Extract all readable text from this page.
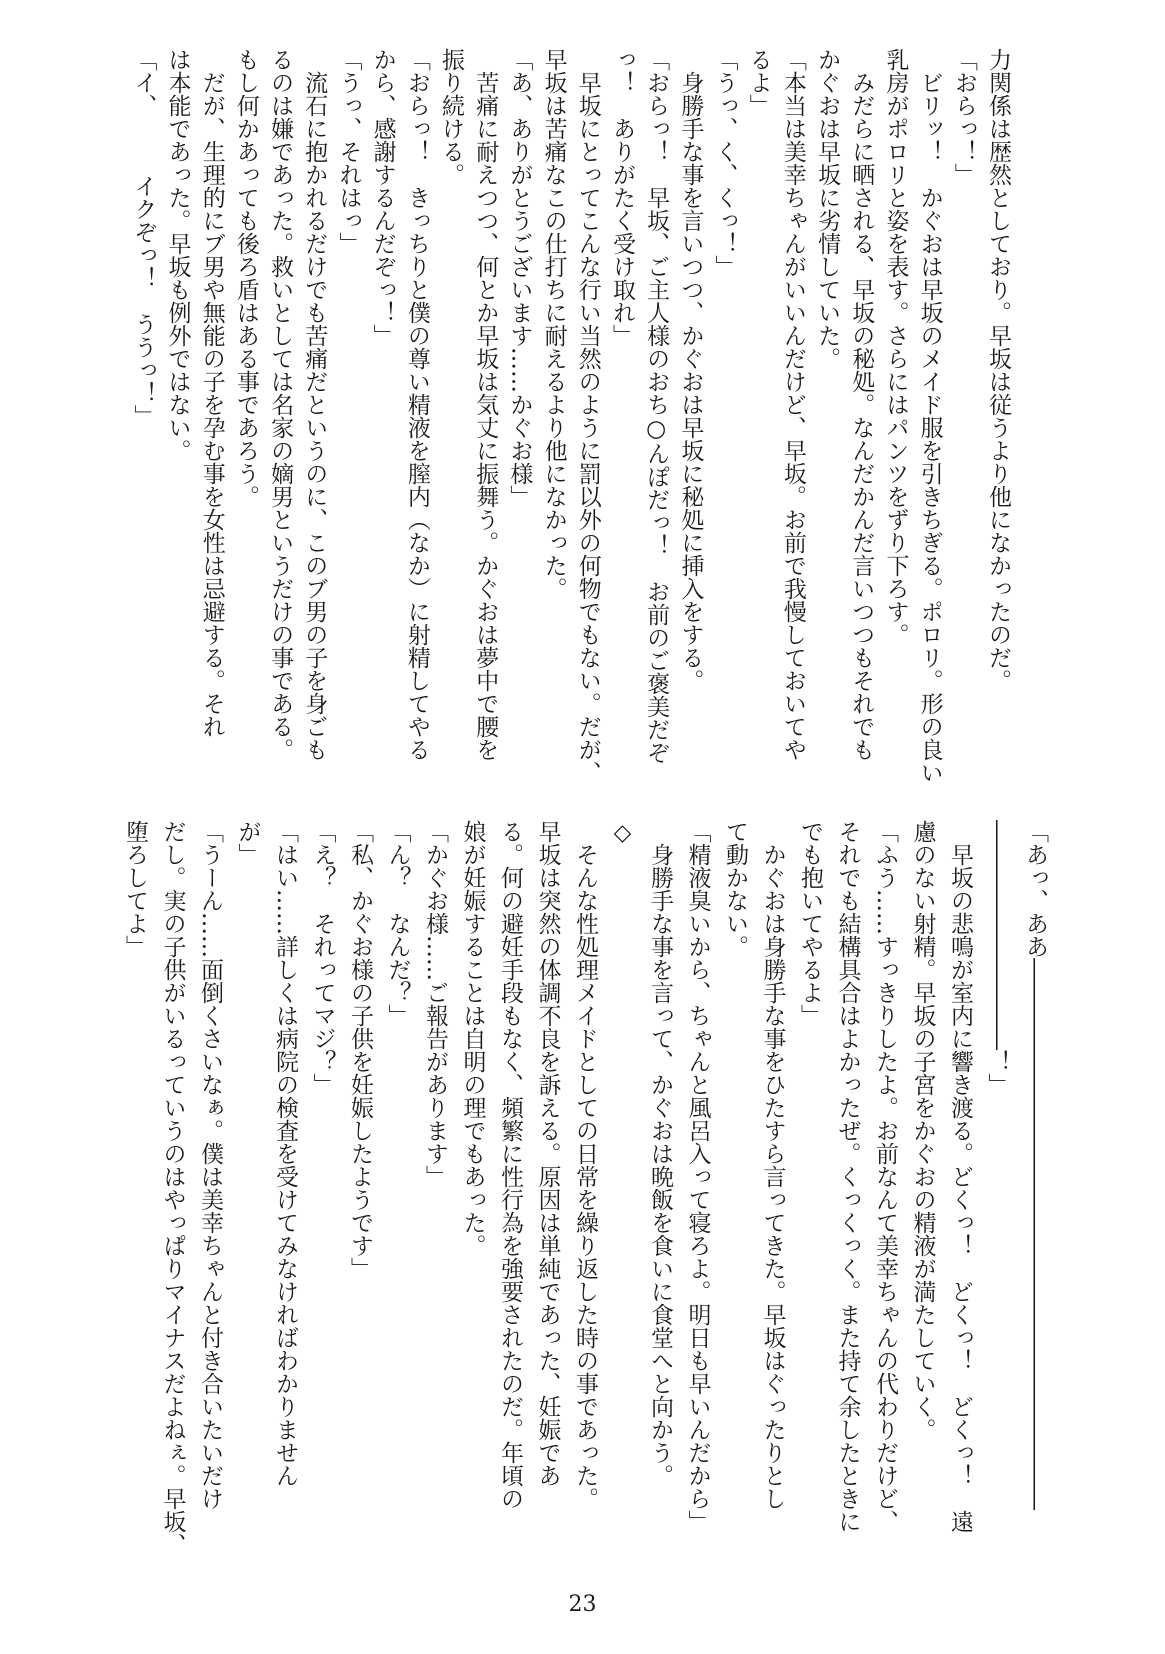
力関係は歴然としており。早坂は従うより他になかったのだ。
「おらっ！」
　ビリッ！　かぐおは早坂のメイド服を引きちぎる。ポロリ。形の良い
乳房がポロリと姿を表す。さらにはパンツをずり下ろす。
　みだらに晒される、早坂の秘処。なんだかんだ言いつつもそれでも
かぐおは早坂に劣情していた。
「本当は美幸ちゃんがいいんだけど、早坂。お前で我慢しておいてや
るよ」
「うっ、く、くっ！」
　身勝手な事を言いつつ、かぐおは早坂に秘処に挿入をする。
「おらっ！　早坂、ご主人様のおち○んぽだっ！　お前のご褒美だぞ
っ！　ありがたく受け取れ」
　早坂にとってこんな行い当然のように罰以外の何物でもない。だが、
早坂は苦痛なこの仕打ちに耐えるより他になかった。
「あ、ありがとうございます……かぐお様」
　苦痛に耐えつつ、何とか早坂は気丈に振舞う。かぐおは夢中で腰を
振り続ける。
「おらっ！　きっちりと僕の尊い精液を膣内（なか）に射精してやる
から、感謝するんだぞっ！」
「うっ、それはっ」
　流石に抱かれるだけでも苦痛だというのに、このブ男の子を身ごも
るのは嫌であった。救いとしては名家の嫡男というだけの事である。
もし何かあっても後ろ盾はある事であろう。
　だが、生理的にブ男や無能の子を孕む事を女性は忌避する。それ
は本能であった。早坂も例外ではない。
「イ、　　　イクぞっ！　ううっ！」
「あっ、ああ――――――――――――――――――――――――
――――――――――！」
　早坂の悲鳴が室内に響き渡る。どくっ！　どくっ！　どくっ！　遠
慮のない射精。早坂の子宮をかぐおの精液が満たしていく。
「ふう……すっきりしたよ。お前なんて美幸ちゃんの代わりだけど、
それでも結構具合はよかったぜ。くっくっく。また持て余したときに
でも抱いてやるよ」
　かぐおは身勝手な事をひたすら言ってきた。早坂はぐったりとし
て動かない。
「精液臭いから、ちゃんと風呂入って寝ろよ。明日も早いんだから」
　身勝手な事を言って、かぐおは晩飯を食いに食堂へと向かう。
◇
　そんな性処理メイドとしての日常を繰り返した時の事であった。
早坂は突然の体調不良を訴える。原因は単純であった、妊娠であ
る。何の避妊手段もなく、頻繁に性行為を強要されたのだ。年頃の
娘が妊娠することは自明の理でもあった。
「かぐお様……ご報告があります」
「ん？　なんだ？」
「私、かぐお様の子供を妊娠したようです」
「え？　それってマジ？」
「はい……詳しくは病院の検査を受けてみなければわかりません
が」
「うーん……面倒くさいなぁ。僕は美幸ちゃんと付き合いたいだけ
だし。実の子供がいるっていうのはやっぱりマイナスだよねぇ。早坂、
堕ろしてよ」
23
